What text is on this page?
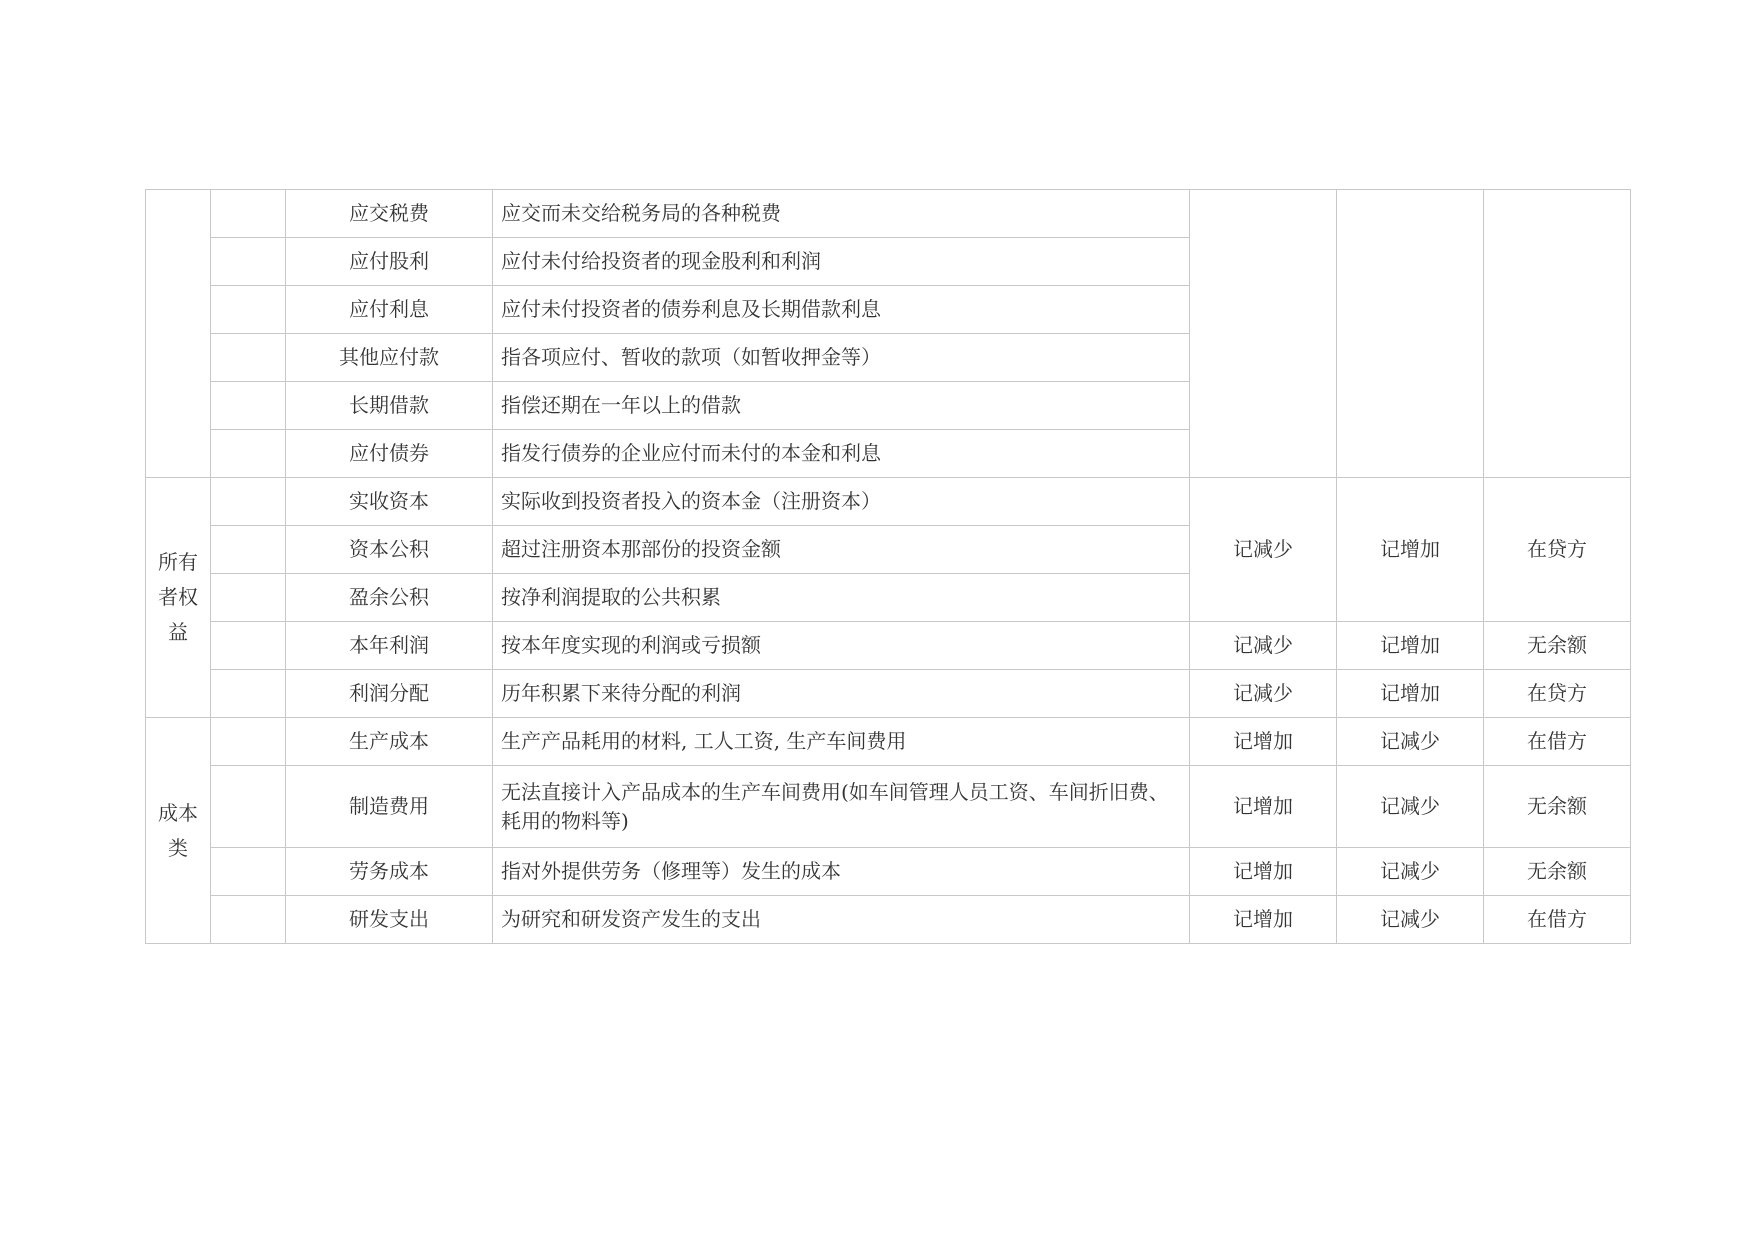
		应交税费	应交而未交给税务局的各种税费			
		应付股利	应付未付给投资者的现金股利和利润			
		应付利息	应付未付投资者的债券利息及长期借款利息			
		其他应付款	指各项应付、暂收的款项（如暂收押金等）			
		长期借款	指偿还期在一年以上的借款			
		应付债券	指发行债券的企业应付而未付的本金和利息			
所有者权益		实收资本	实际收到投资者投入的资本金（注册资本）	记减少	记增加	在贷方
		资本公积	超过注册资本那部份的投资金额			
		盈余公积	按净利润提取的公共积累			
		本年利润	按本年度实现的利润或亏损额	记减少	记增加	无余额
		利润分配	历年积累下来待分配的利润	记减少	记增加	在贷方
成本类		生产成本	生产产品耗用的材料, 工人工资, 生产车间费用	记增加	记减少	在借方
		制造费用	无法直接计入产品成本的生产车间费用(如车间管理人员工资、车间折旧费、耗用的物料等)	记增加	记减少	无余额
		劳务成本	指对外提供劳务（修理等）发生的成本	记增加	记减少	无余额
		研发支出	为研究和研发资产发生的支出	记增加	记减少	在借方
